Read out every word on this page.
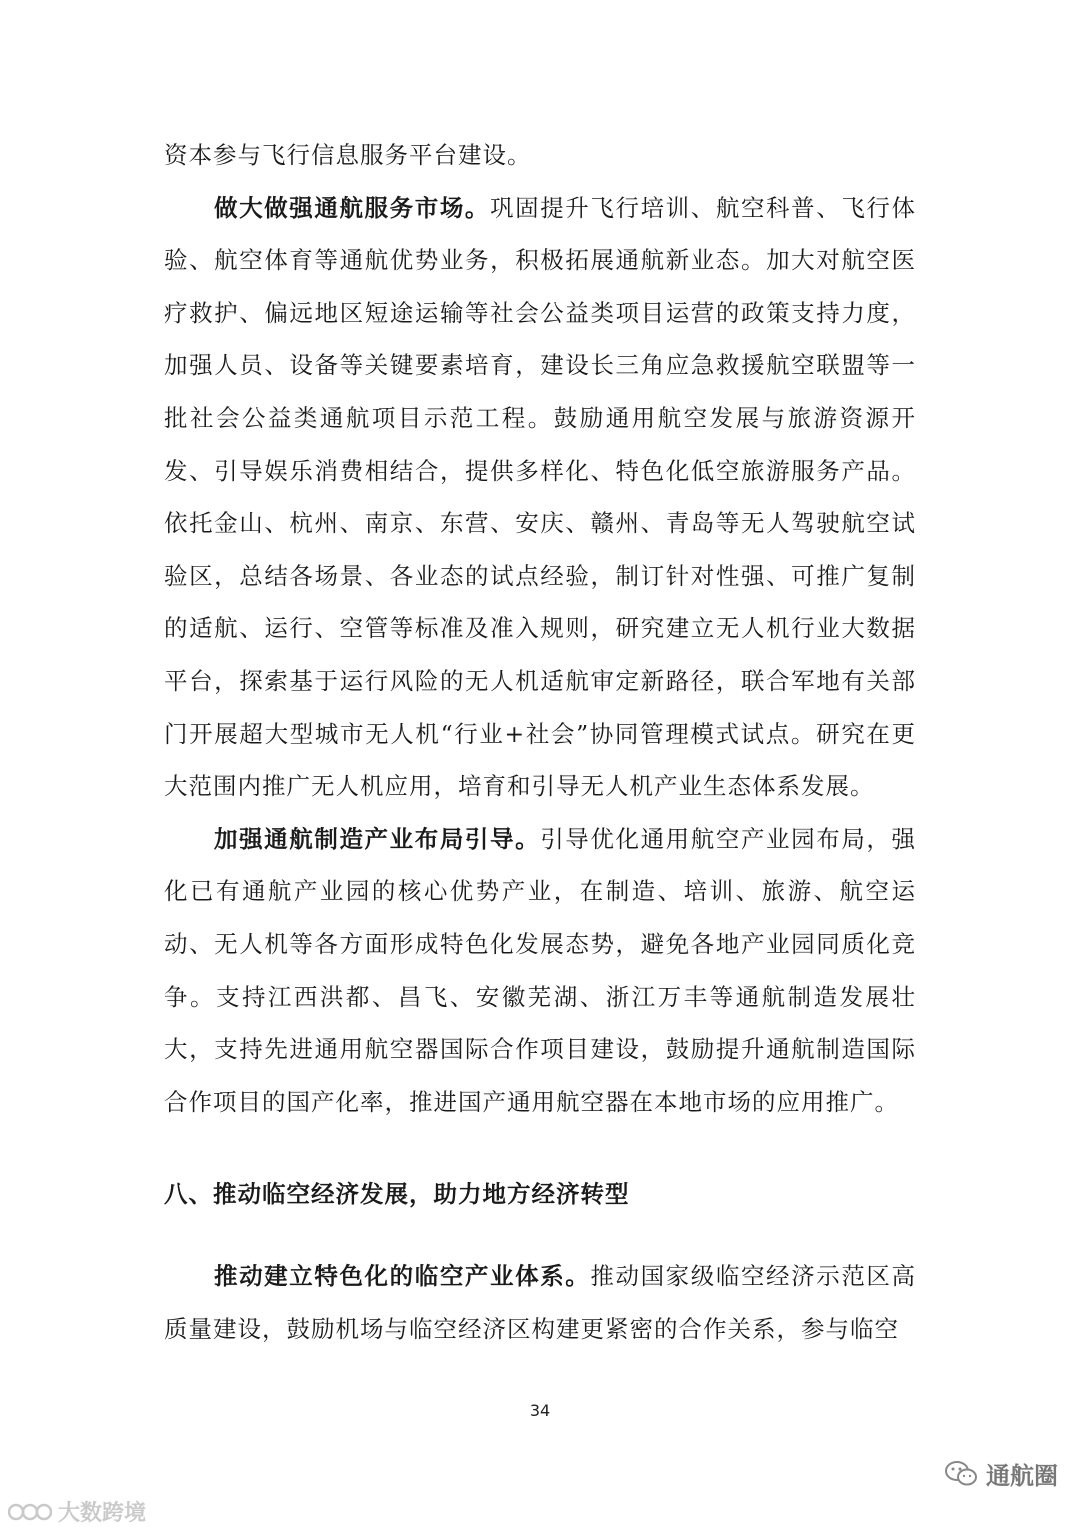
资本参与飞行信息服务平台建设。

做大做强通航服务市场。巩固提升飞行培训、航空科普、飞行体验、航空体育等通航优势业务，积极拓展通航新业态。加大对航空医疗救护、偏远地区短途运输等社会公益类项目运营的政策支持力度，加强人员、设备等关键要素培育，建设长三角应急救援航空联盟等一批社会公益类通航项目示范工程。鼓励通用航空发展与旅游资源开发、引导娱乐消费相结合，提供多样化、特色化低空旅游服务产品。依托金山、杭州、南京、东营、安庆、赣州、青岛等无人驾驶航空试验区，总结各场景、各业态的试点经验，制订针对性强、可推广复制的适航、运行、空管等标准及准入规则，研究建立无人机行业大数据平台，探索基于运行风险的无人机适航审定新路径，联合军地有关部门开展超大型城市无人机“行业+社会”协同管理模式试点。研究在更大范围内推广无人机应用，培育和引导无人机产业生态体系发展。

加强通航制造产业布局引导。引导优化通用航空产业园布局，强化已有通航产业园的核心优势产业，在制造、培训、旅游、航空运动、无人机等各方面形成特色化发展态势，避免各地产业园同质化竞争。支持江西洪都、昌飞、安徽芜湖、浙江万丰等通航制造发展壮大，支持先进通用航空器国际合作项目建设，鼓励提升通航制造国际合作项目的国产化率，推进国产通用航空器在本地市场的应用推广。

八、推动临空经济发展，助力地方经济转型

推动建立特色化的临空产业体系。推动国家级临空经济示范区高质量建设，鼓励机场与临空经济区构建更紧密的合作关系，参与临空

34
大数跨境
通航圈
